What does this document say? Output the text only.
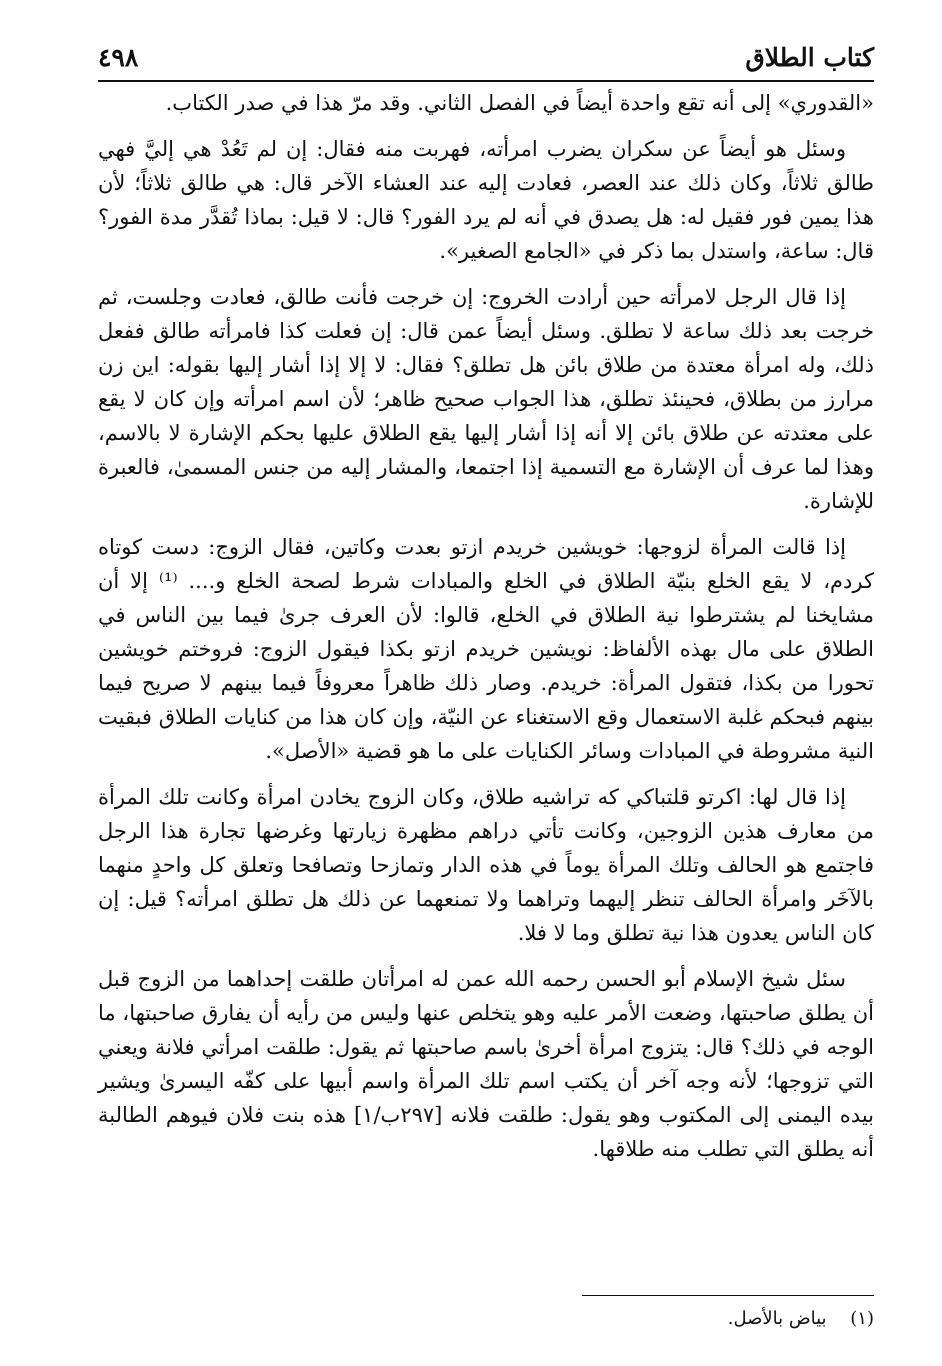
كتاب الطلاق
٤٩٨

«القدوري» إلى أنه تقع واحدة أيضاً في الفصل الثاني. وقد مرّ هذا في صدر الكتاب.

وسئل هو أيضاً عن سكران يضرب امرأته، فهربت منه فقال: إن لم تَعُدْ هي إليَّ فهي طالق ثلاثاً، وكان ذلك عند العصر، فعادت إليه عند العشاء الآخر قال: هي طالق ثلاثاً؛ لأن هذا يمين فور فقيل له: هل يصدق في أنه لم يرد الفور؟ قال: لا قيل: بماذا تُقدَّر مدة الفور؟ قال: ساعة، واستدل بما ذكر في «الجامع الصغير».

إذا قال الرجل لامرأته حين أرادت الخروج: إن خرجت فأنت طالق، فعادت وجلست، ثم خرجت بعد ذلك ساعة لا تطلق. وسئل أيضاً عمن قال: إن فعلت كذا فامرأته طالق ففعل ذلك، وله امرأة معتدة من طلاق بائن هل تطلق؟ فقال: لا إلا إذا أشار إليها بقوله: اين زن مرارز من بطلاق، فحينئذ تطلق، هذا الجواب صحيح ظاهر؛ لأن اسم امرأته وإن كان لا يقع على معتدته عن طلاق بائن إلا أنه إذا أشار إليها يقع الطلاق عليها بحكم الإشارة لا بالاسم، وهذا لما عرف أن الإشارة مع التسمية إذا اجتمعا، والمشار إليه من جنس المسمىٰ، فالعبرة للإشارة.

إذا قالت المرأة لزوجها: خويشين خريدم ازتو بعدت وكاتين، فقال الزوج: دست كوتاه كردم، لا يقع الخلع بنيّة الطلاق في الخلع والمبادات شرط لصحة الخلع و.... ⁽¹⁾ إلا أن مشايخنا لم يشترطوا نية الطلاق في الخلع، قالوا: لأن العرف جرىٰ فيما بين الناس في الطلاق على مال بهذه الألفاظ: نويشين خريدم ازتو بكذا فيقول الزوج: فروختم خويشين تحورا من بكذا، فتقول المرأة: خريدم. وصار ذلك ظاهراً معروفاً فيما بينهم لا صريح فيما بينهم فبحكم غلبة الاستعمال وقع الاستغناء عن النيّة، وإن كان هذا من كنايات الطلاق فبقيت النية مشروطة في المبادات وسائر الكنايات على ما هو قضية «الأصل».

إذا قال لها: اكرتو قلتباكي كه تراشيه طلاق، وكان الزوج يخادن امرأة وكانت تلك المرأة من معارف هذين الزوجين، وكانت تأتي دراهم مظهرة زيارتها وغرضها تجارة هذا الرجل فاجتمع هو الحالف وتلك المرأة يوماً في هذه الدار وتمازحا وتصافحا وتعلق كل واحدٍ منهما بالآخَر وامرأة الحالف تنظر إليهما وتراهما ولا تمنعهما عن ذلك هل تطلق امرأته؟ قيل: إن كان الناس يعدون هذا نية تطلق وما لا فلا.

سئل شيخ الإسلام أبو الحسن رحمه الله عمن له امرأتان طلقت إحداهما من الزوج قبل أن يطلق صاحبتها، وضعت الأمر عليه وهو يتخلص عنها وليس من رأيه أن يفارق صاحبتها، ما الوجه في ذلك؟ قال: يتزوج امرأة أخرىٰ باسم صاحبتها ثم يقول: طلقت امرأتي فلانة ويعني التي تزوجها؛ لأنه وجه آخر أن يكتب اسم تلك المرأة واسم أبيها على كفّه اليسرىٰ ويشير بيده اليمنى إلى المكتوب وهو يقول: طلقت فلانه [٢٩٧ب/١] هذه بنت فلان فيوهم الطالبة أنه يطلق التي تطلب منه طلاقها.

(١) بياض بالأصل.
